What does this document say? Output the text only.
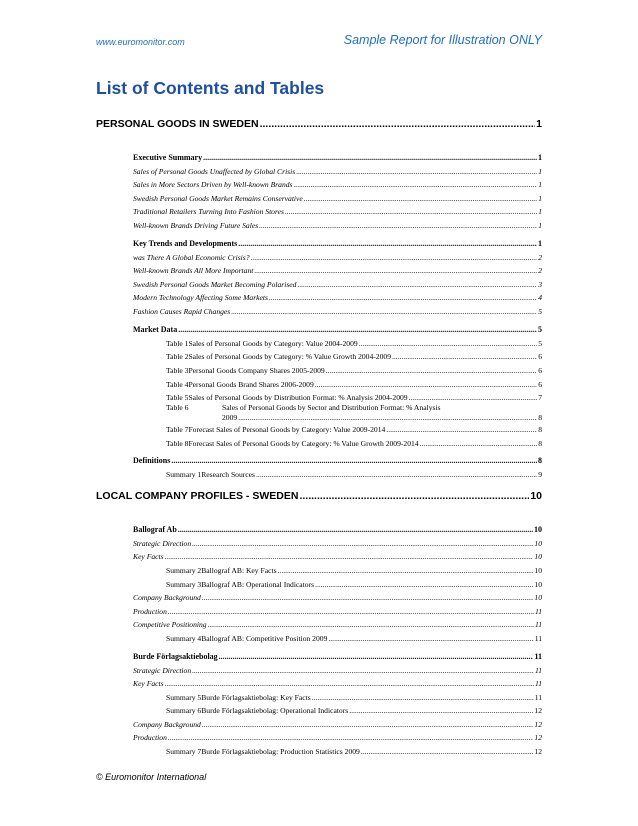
www.euromonitor.com	Sample Report for Illustration ONLY
List of Contents and Tables
PERSONAL GOODS IN SWEDEN .....	1
Executive Summary .....	1
Sales of Personal Goods Unaffected by Global Crisis .....	1
Sales in More Sectors Driven by Well-known Brands .....	1
Swedish Personal Goods Market Remains Conservative .....	1
Traditional Retailers Turning Into Fashion Stores .....	1
Well-known Brands Driving Future Sales .....	1
Key Trends and Developments .....	1
was There A Global Economic Crisis? .....	2
Well-known Brands All More Important .....	2
Swedish Personal Goods Market Becoming Polarised .....	3
Modern Technology Affecting Some Markets .....	4
Fashion Causes Rapid Changes .....	5
Market Data .....	5
Table 1 Sales of Personal Goods by Category: Value 2004-2009 .....	5
Table 2 Sales of Personal Goods by Category: % Value Growth 2004-2009 .....	6
Table 3 Personal Goods Company Shares 2005-2009 .....	6
Table 4 Personal Goods Brand Shares 2006-2009 .....	6
Table 5 Sales of Personal Goods by Distribution Format: % Analysis 2004-2009 .....	7
Table 6	Sales of Personal Goods by Sector and Distribution Format: % Analysis
2009 .....	8
Table 7 Forecast Sales of Personal Goods by Category: Value 2009-2014 .....	8
Table 8 Forecast Sales of Personal Goods by Category: % Value Growth 2009-2014 .....	8
Definitions .....	8
Summary 1 Research Sources .....	9
LOCAL COMPANY PROFILES - SWEDEN .....	10
Ballograf Ab .....	10
Strategic Direction .....	10
Key Facts .....	10
Summary 2 Ballograf AB: Key Facts .....	10
Summary 3 Ballograf AB: Operational Indicators .....	10
Company Background .....	10
Production .....	11
Competitive Positioning .....	11
Summary 4 Ballograf AB: Competitive Position 2009 .....	11
Burde Förlagsaktiebolag .....	11
Strategic Direction .....	11
Key Facts .....	11
Summary 5 Burde Förlagsaktiebolag: Key Facts .....	11
Summary 6 Burde Förlagsaktiebolag: Operational Indicators .....	12
Company Background .....	12
Production .....	12
Summary 7 Burde Förlagsaktiebolag: Production Statistics 2009 .....	12
© Euromonitor International
